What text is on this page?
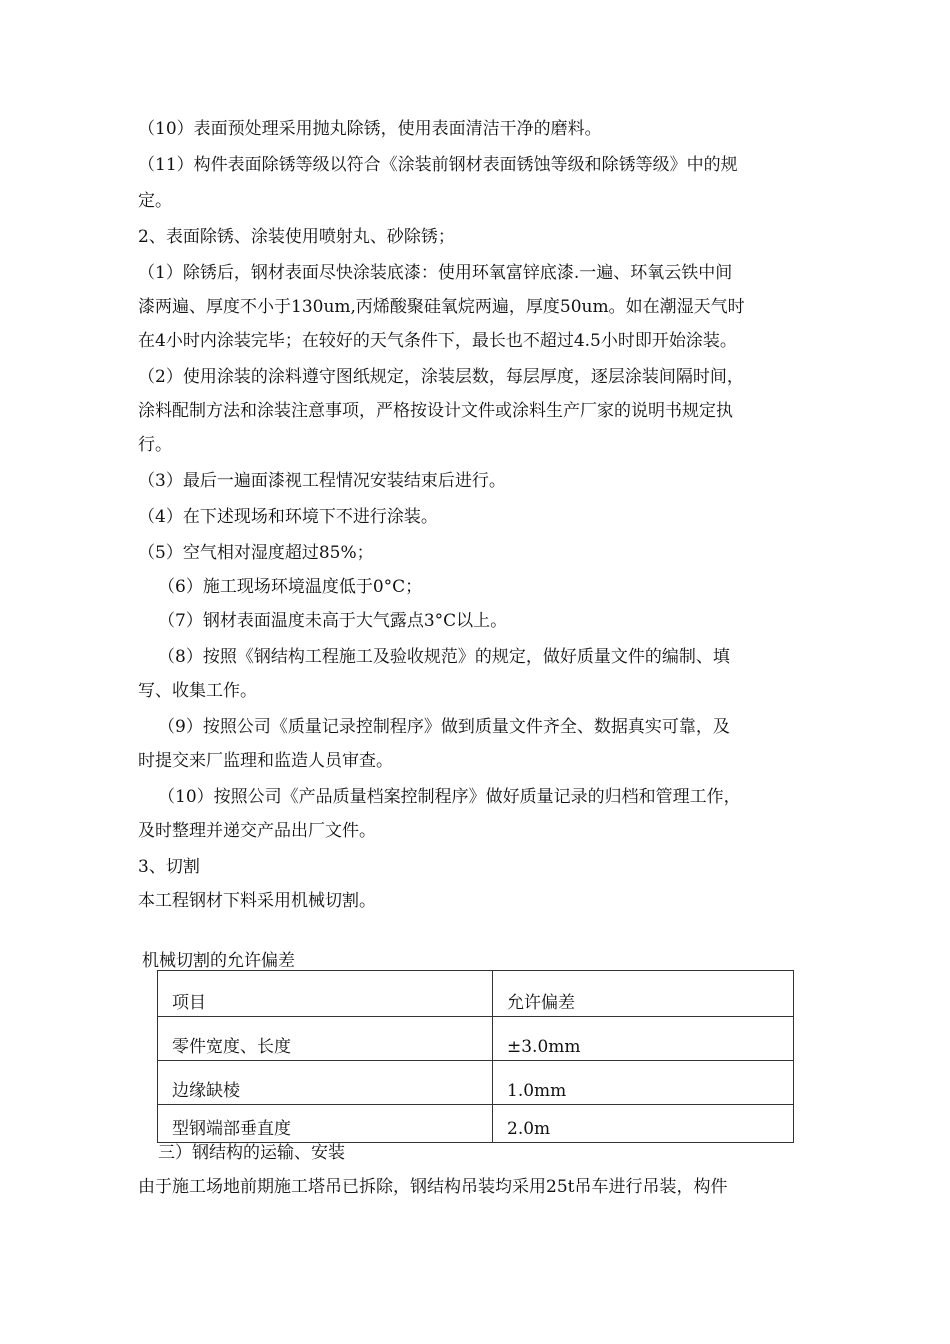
（10）表面预处理采用抛丸除锈，使用表面清洁干净的磨料。
（11）构件表面除锈等级以符合《涂装前钢材表面锈蚀等级和除锈等级》中的规
定。
2、表面除锈、涂装使用喷射丸、砂除锈；
（1）除锈后，钢材表面尽快涂装底漆：使用环氧富锌底漆.一遍、环氧云铁中间
漆两遍、厚度不小于130um,丙烯酸聚硅氧烷两遍，厚度50um。如在潮湿天气时
在4小时内涂装完毕；在较好的天气条件下，最长也不超过4.5小时即开始涂装。
（2）使用涂装的涂料遵守图纸规定，涂装层数，每层厚度，逐层涂装间隔时间，
涂料配制方法和涂装注意事项，严格按设计文件或涂料生产厂家的说明书规定执
行。
（3）最后一遍面漆视工程情况安装结束后进行。
（4）在下述现场和环境下不进行涂装。
（5）空气相对湿度超过85%；
（6）施工现场环境温度低于0°C；
（7）钢材表面温度未高于大气露点3°C以上。
（8）按照《钢结构工程施工及验收规范》的规定，做好质量文件的编制、填
写、收集工作。
（9）按照公司《质量记录控制程序》做到质量文件齐全、数据真实可靠，及
时提交来厂监理和监造人员审查。
（10）按照公司《产品质量档案控制程序》做好质量记录的归档和管理工作，
及时整理并递交产品出厂文件。
3、切割
本工程钢材下料采用机械切割。
机械切割的允许偏差
项目	允许偏差
零件宽度、长度	±3.0mm
边缘缺棱	1.0mm
型钢端部垂直度	2.0m
三）钢结构的运输、安装
由于施工场地前期施工塔吊已拆除，钢结构吊装均采用25t吊车进行吊装，构件
